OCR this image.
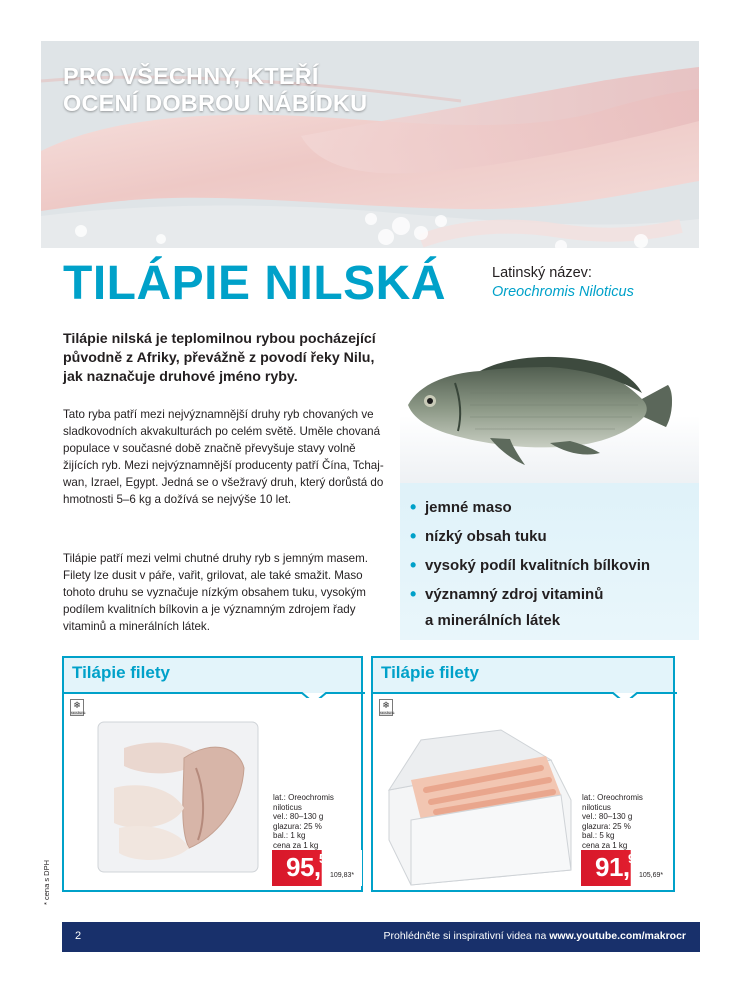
PRO VŠECHNY, KTEŘÍ
OCENÍ DOBROU NÁBÍDKU
TILÁPIE NILSKÁ	Latinský název:
Oreochromis Niloticus
Tilápie nilská je teplomilnou rybou pocházející původně z Afriky, převážně z povodí řeky Nilu, jak naznačuje druhové jméno ryby.
Tato ryba patří mezi nejvýznamnější druhy ryb chovaných ve sladkovodních akvakulturách po celém světě. Uměle chovaná populace v současné době značně převyšuje stavy volně žijících ryb. Mezi nejvýznamnější producenty patří Čína, Tchaj-wan, Izrael, Egypt. Jedná se o všežravý druh, který dorůstá do hmotnosti 5–6 kg a dožívá se nejvýše 10 let.
Tilápie patří mezi velmi chutné druhy ryb s jemným masem. Filety lze dusit v páře, vařit, grilovat, ale také smažit. Maso tohoto druhu se vyznačuje nízkým obsahem tuku, vysokým podílem kvalitních bílkovin a je významným zdrojem řady vitaminů a minerálních látek.
• jemné maso
• nízký obsah tuku
• vysoký podíl kvalitních bílkovin
• významný zdroj vitaminů
a minerálních látek
Tilápie filety
❄
MRAŽENÉ
lat.: Oreochromis
niloticus
vel.: 80–130 g
glazura: 25 %
bal.: 1 kg
cena za 1 kg
95,
50
109,83*
Tilápie filety
❄
MRAŽENÉ
lat.: Oreochromis
niloticus
vel.: 80–130 g
glazura: 25 %
bal.: 5 kg
cena za 1 kg
91,
90
105,69*
* cena s DPH
2	Prohlédněte si inspirativní videa na www.youtube.com/makrocr
